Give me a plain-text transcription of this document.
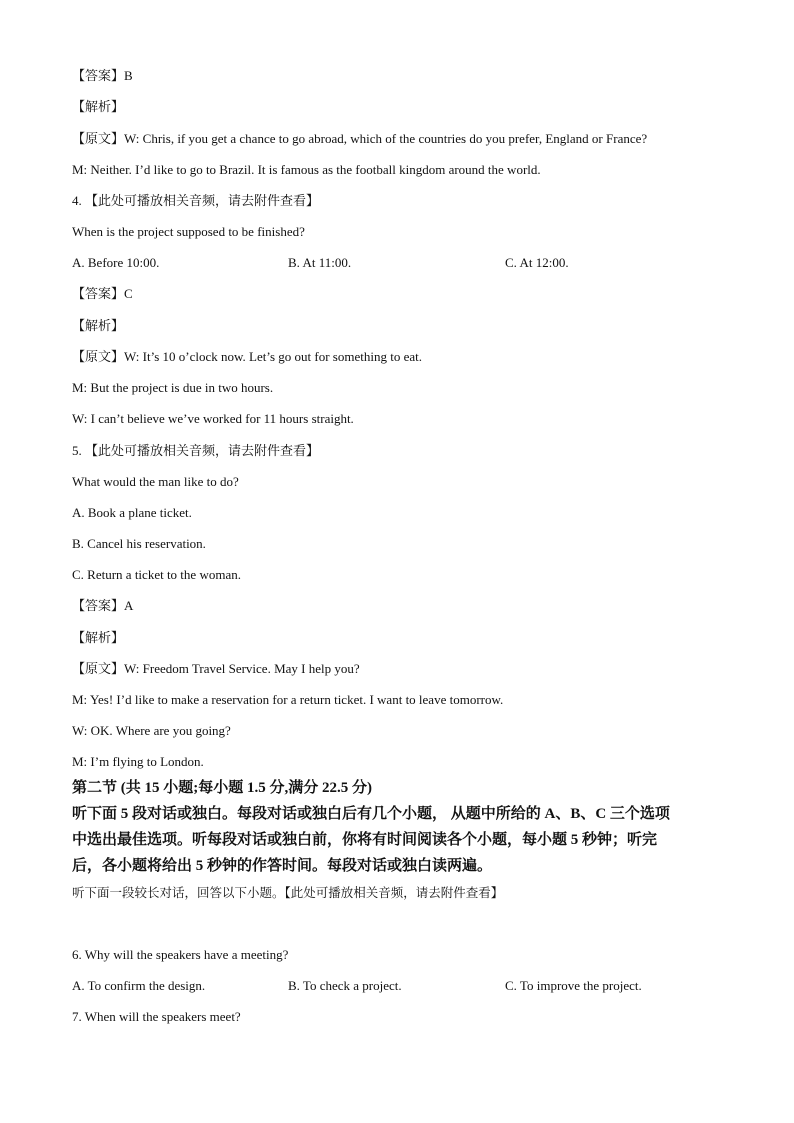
【答案】B
【解析】
【原文】W: Chris, if you get a chance to go abroad, which of the countries do you prefer, England or France?
M: Neither. I’d like to go to Brazil. It is famous as the football kingdom around the world.
4. 【此处可播放相关音频，请去附件查看】
When is the project supposed to be finished?
A. Before 10:00.	B. At 11:00.	C. At 12:00.
【答案】C
【解析】
【原文】W: It’s 10 o’clock now. Let’s go out for something to eat.
M: But the project is due in two hours.
W: I can’t believe we’ve worked for 11 hours straight.
5. 【此处可播放相关音频，请去附件查看】
What would the man like to do?
A. Book a plane ticket.
B. Cancel his reservation.
C. Return a ticket to the woman.
【答案】A
【解析】
【原文】W: Freedom Travel Service. May I help you?
M: Yes! I’d like to make a reservation for a return ticket. I want to leave tomorrow.
W: OK. Where are you going?
M: I’m flying to London.
第二节 (共 15 小题;每小题 1.5 分,满分 22.5 分)
听下面 5 段对话或独白。每段对话或独白后有几个小题， 从题中所给的 A、B、C 三个选项
中选出最佳选项。听每段对话或独白前，你将有时间阅读各个小题，每小题 5 秒钟；听完
后，各小题将给出 5 秒钟的作答时间。每段对话或独白读两遍。
听下面一段较长对话，回答以下小题。【此处可播放相关音频，请去附件查看】
6. Why will the speakers have a meeting?
A. To confirm the design.	B. To check a project.	C. To improve the project.
7. When will the speakers meet?
